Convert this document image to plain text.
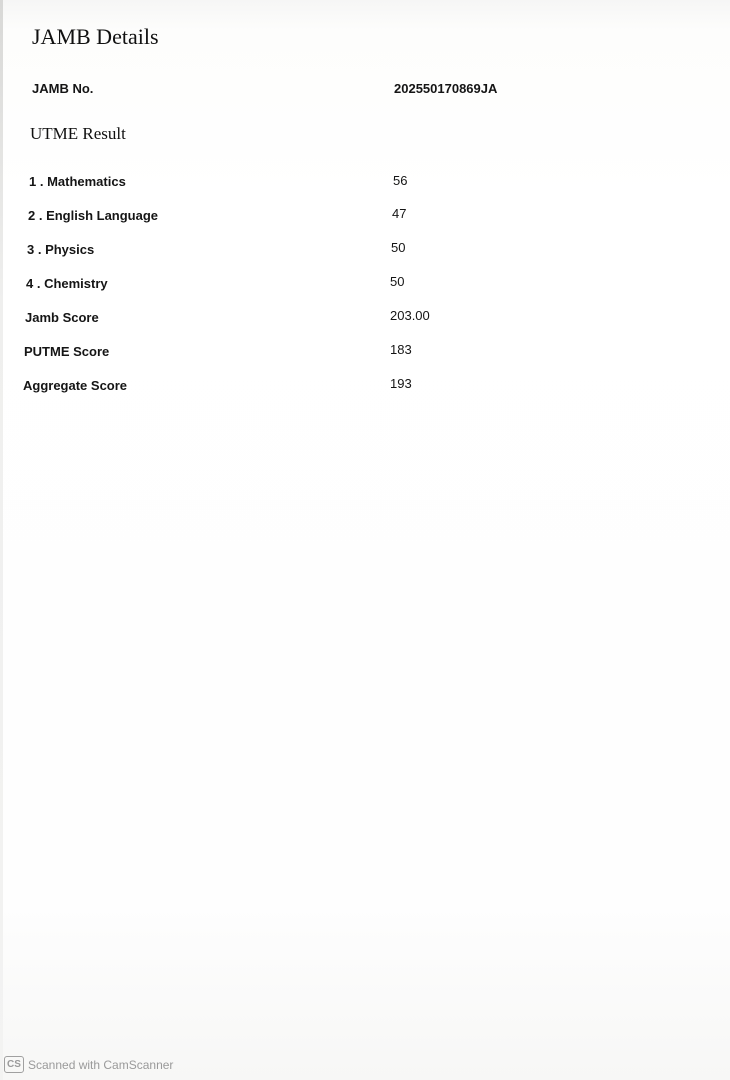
JAMB Details
JAMB No.	202550170869JA
UTME Result
1 . Mathematics	56
2 . English Language	47
3 . Physics	50
4 . Chemistry	50
Jamb Score	203.00
PUTME Score	183
Aggregate Score	193
CS Scanned with CamScanner
